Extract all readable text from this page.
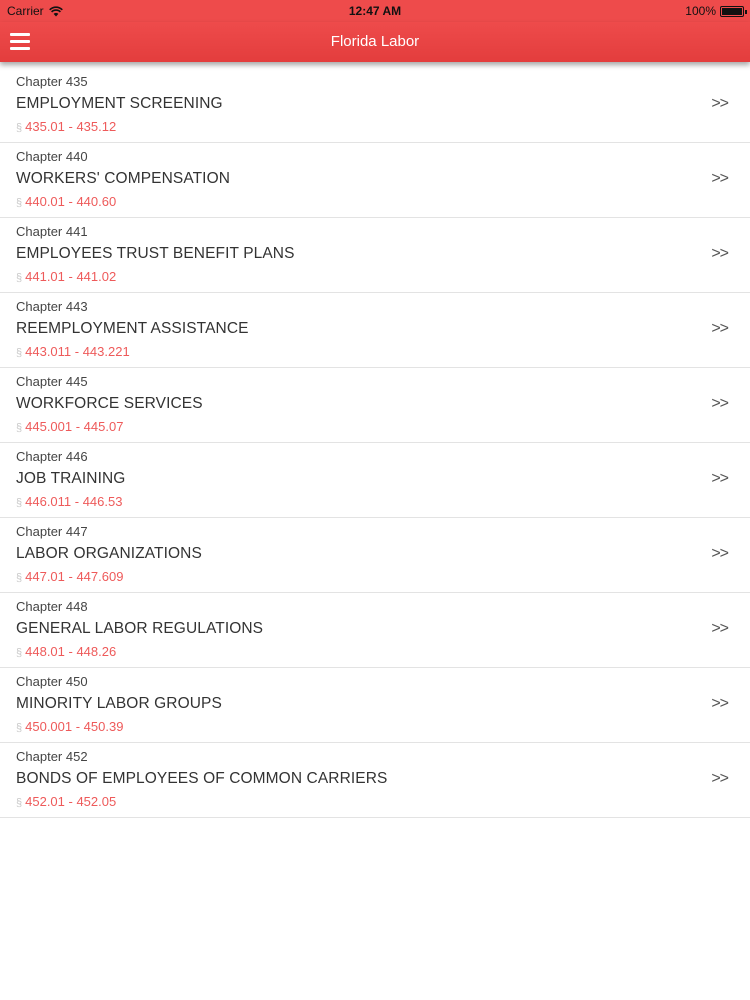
Carrier	12:47 AM	100%
Florida Labor
Chapter 435
EMPLOYMENT SCREENING
§ 435.01 - 435.12
>>
Chapter 440
WORKERS' COMPENSATION
§ 440.01 - 440.60
>>
Chapter 441
EMPLOYEES TRUST BENEFIT PLANS
§ 441.01 - 441.02
>>
Chapter 443
REEMPLOYMENT ASSISTANCE
§ 443.011 - 443.221
>>
Chapter 445
WORKFORCE SERVICES
§ 445.001 - 445.07
>>
Chapter 446
JOB TRAINING
§ 446.011 - 446.53
>>
Chapter 447
LABOR ORGANIZATIONS
§ 447.01 - 447.609
>>
Chapter 448
GENERAL LABOR REGULATIONS
§ 448.01 - 448.26
>>
Chapter 450
MINORITY LABOR GROUPS
§ 450.001 - 450.39
>>
Chapter 452
BONDS OF EMPLOYEES OF COMMON CARRIERS
§ 452.01 - 452.05
>>
